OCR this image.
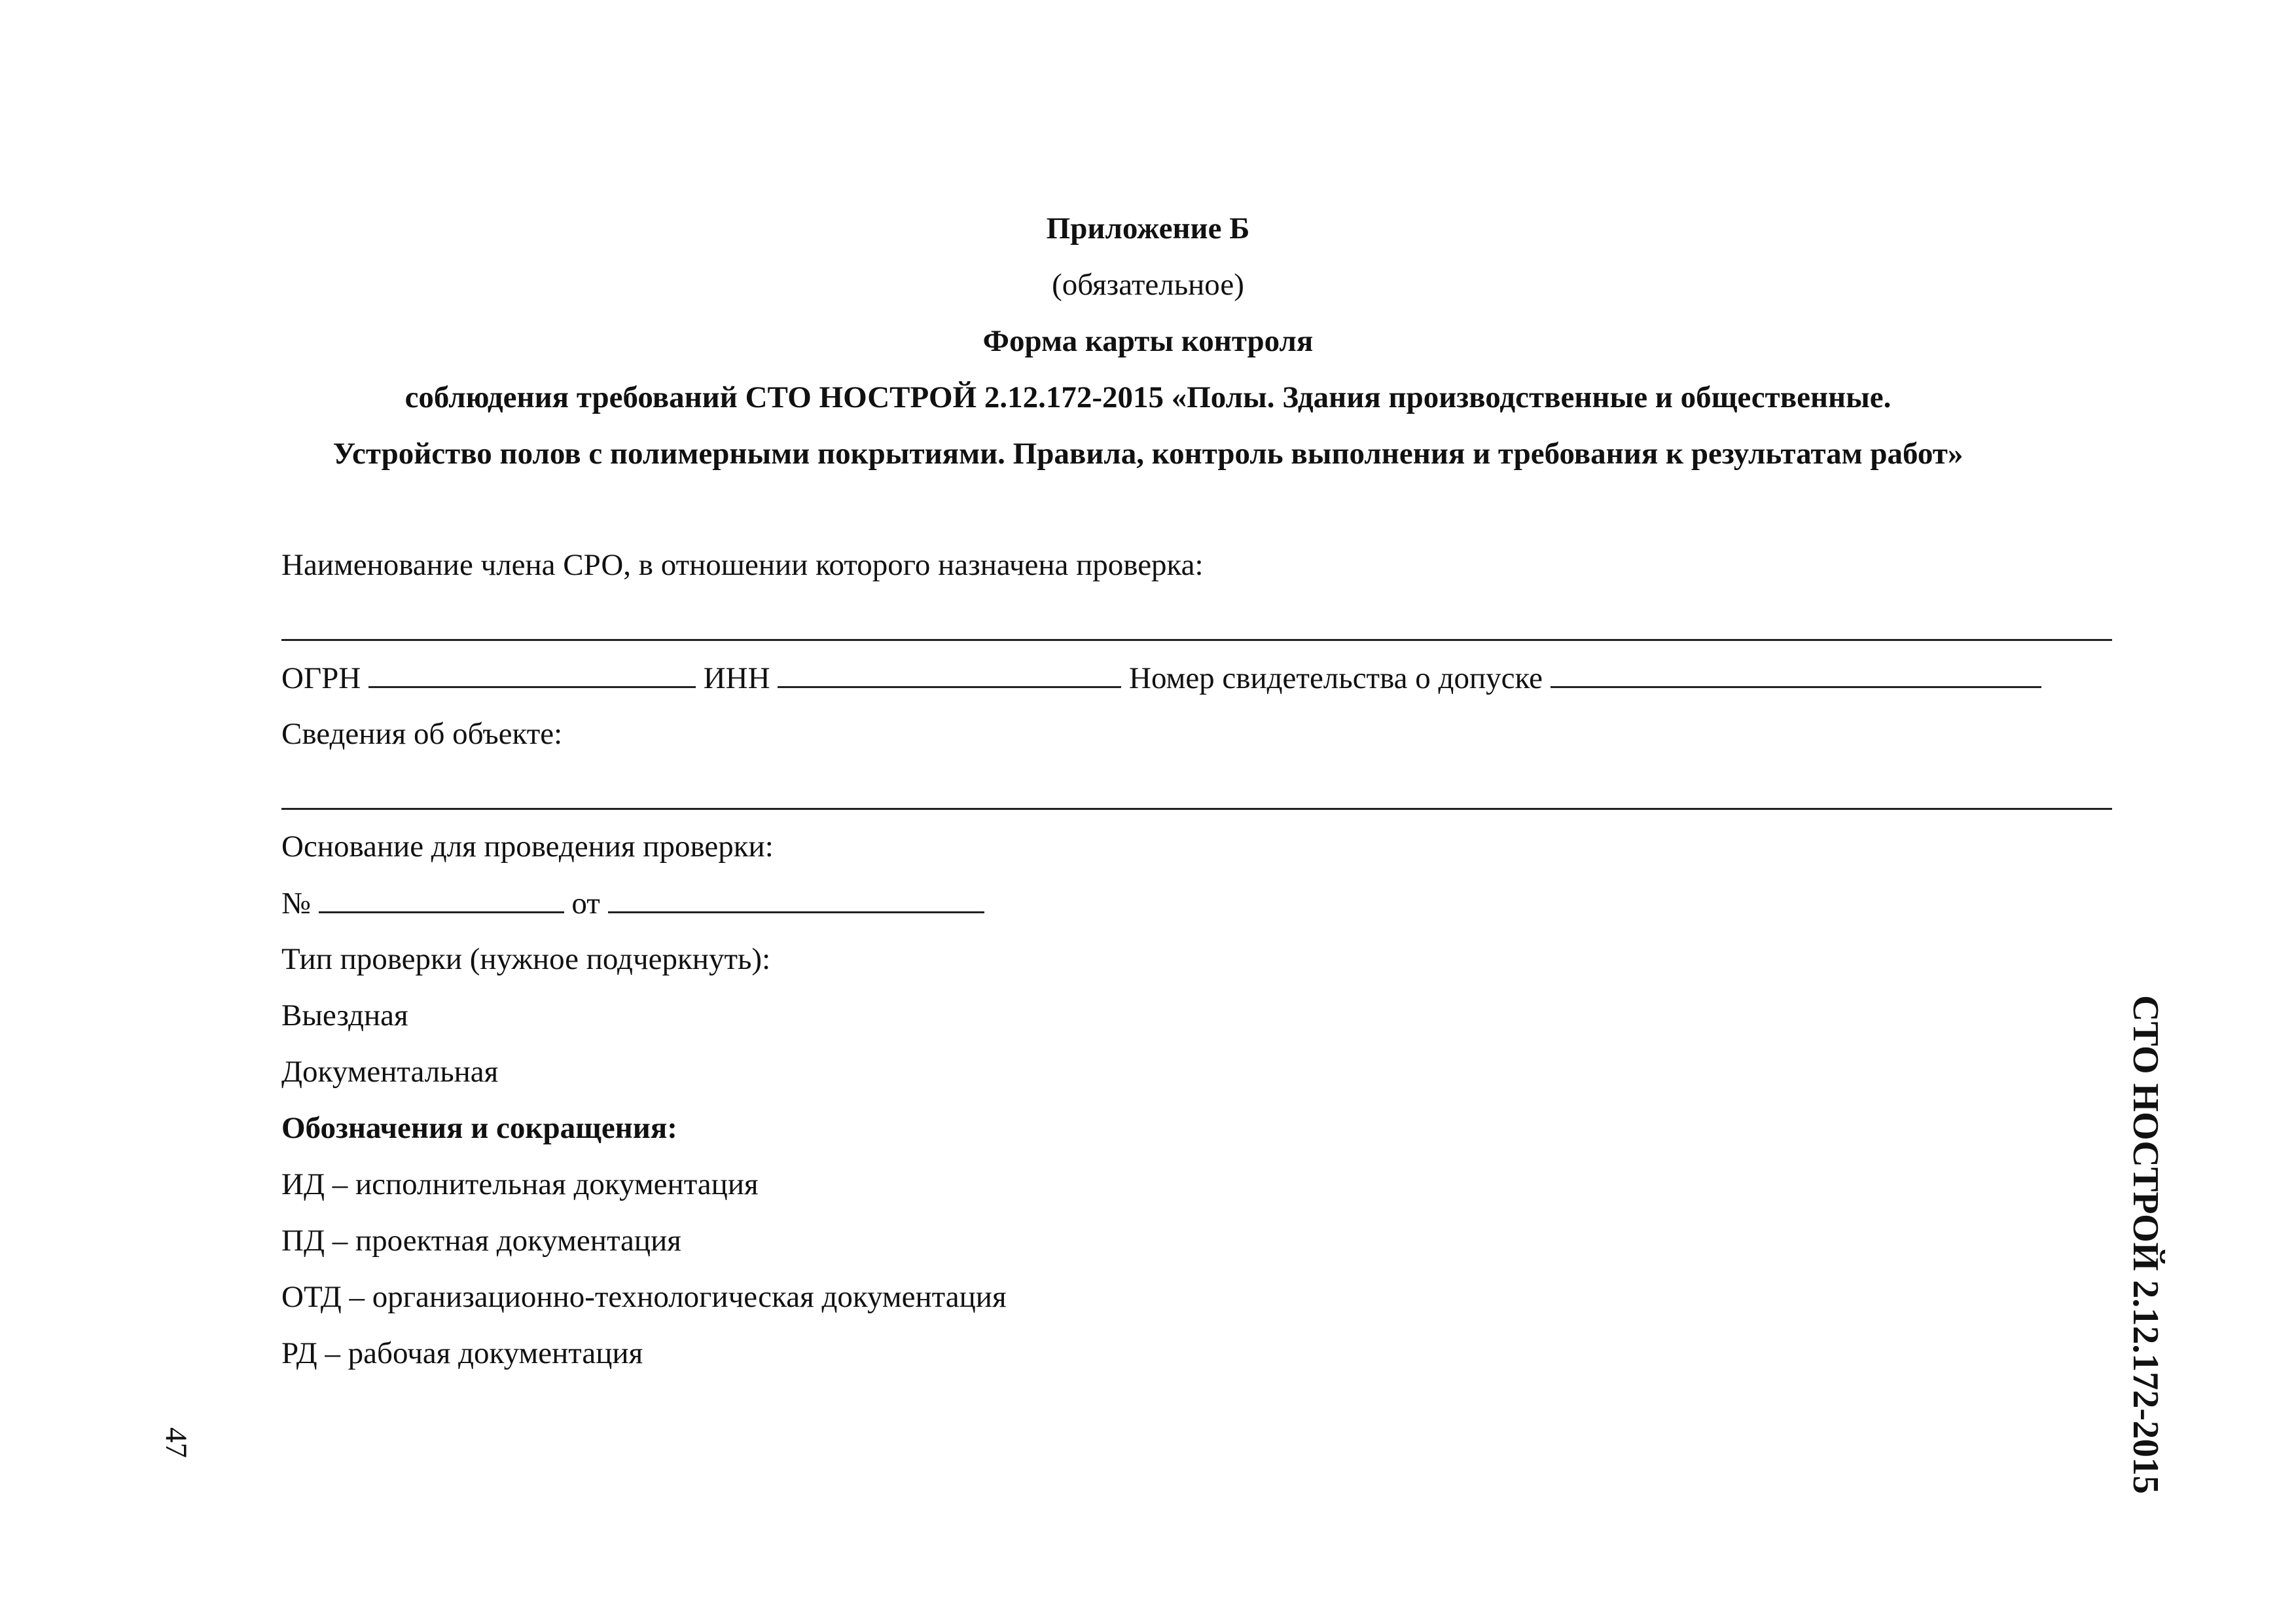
Приложение Б
(обязательное)
Форма карты контроля
соблюдения требований СТО НОСТРОЙ 2.12.172-2015 «Полы. Здания производственные и общественные.
Устройство полов с полимерными покрытиями. Правила, контроль выполнения и требования к результатам работ»
Наименование члена СРО, в отношении которого назначена проверка:
ОГРН	ИНН	Номер свидетельства о допуске
Сведения об объекте:
Основание для проведения проверки:
№	от
Тип проверки (нужное подчеркнуть):
Выездная
Документальная
Обозначения и сокращения:
ИД – исполнительная документация
ПД – проектная документация
ОТД – организационно-технологическая документация
РД – рабочая документация	СТО НОСТРОЙ 2.12.172-2015
47
